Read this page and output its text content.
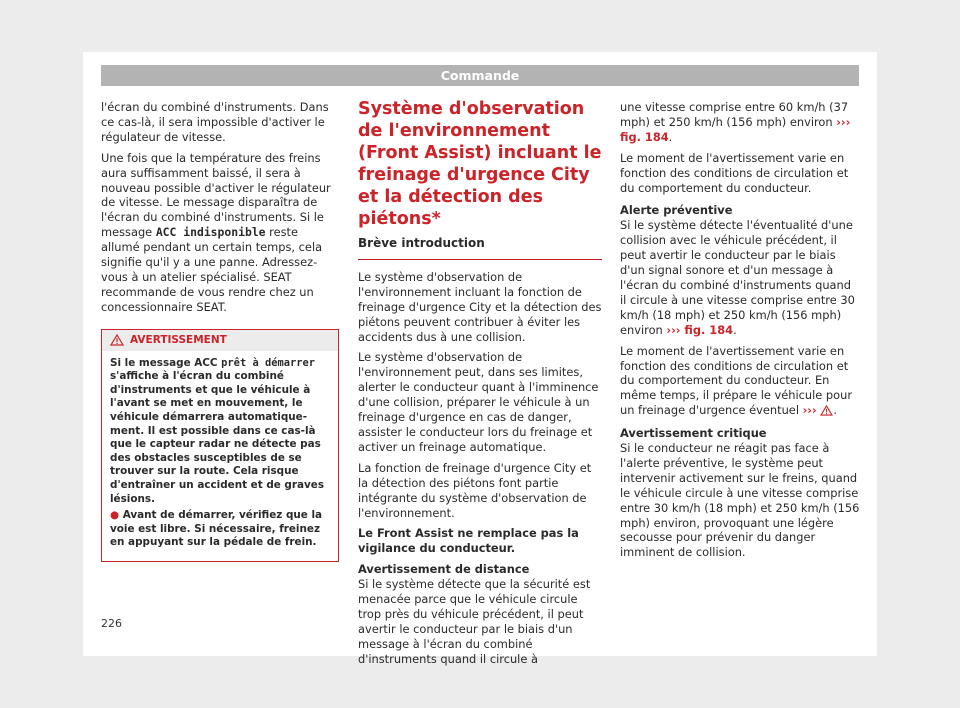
Commande

l'écran du combiné d'instruments. Dans ce cas-là, il sera impossible d'activer le régulateur de vitesse.

Une fois que la température des freins aura suffisamment baissé, il sera à nouveau possible d'activer le régulateur de vitesse. Le message disparaîtra de l'écran du combiné d'instruments. Si le message ACC indisponible reste allumé pendant un certain temps, cela signifie qu'il y a une panne. Adressez-vous à un atelier spécialisé. SEAT recommande de vous rendre chez un concessionnaire SEAT.

AVERTISSEMENT

Si le message ACC prêt à démarrer s'affiche à l'écran du combiné d'instruments et que le véhicule à l'avant se met en mouvement, le véhicule démarrera automatiquement. Il est possible dans ce cas-là que le capteur radar ne détecte pas des obstacles susceptibles de se trouver sur la route. Cela risque d'entraîner un accident et de graves lésions.

● Avant de démarrer, vérifiez que la voie est libre. Si nécessaire, freinez en appuyant sur la pédale de frein.

226
Système d'observation de l'environnement (Front Assist) incluant le freinage d'urgence City et la détection des piétons*
Brève introduction

Le système d'observation de l'environnement incluant la fonction de freinage d'urgence City et la détection des piétons peuvent contribuer à éviter les accidents dus à une collision.

Le système d'observation de l'environnement peut, dans ses limites, alerter le conducteur quant à l'imminence d'une collision, préparer le véhicule à un freinage d'urgence en cas de danger, assister le conducteur lors du freinage et activer un freinage automatique.

La fonction de freinage d'urgence City et la détection des piétons font partie intégrante du système d'observation de l'environnement.

Le Front Assist ne remplace pas la vigilance du conducteur.

Avertissement de distance

Si le système détecte que la sécurité est menacée parce que le véhicule circule trop près du véhicule précédent, il peut avertir le conducteur par le biais d'un message à l'écran du combiné d'instruments quand il circule à

une vitesse comprise entre 60 km/h (37 mph) et 250 km/h (156 mph) environ ››› fig. 184.

Le moment de l'avertissement varie en fonction des conditions de circulation et du comportement du conducteur.

Alerte préventive

Si le système détecte l'éventualité d'une collision avec le véhicule précédent, il peut avertir le conducteur par le biais d'un signal sonore et d'un message à l'écran du combiné d'instruments quand il circule à une vitesse comprise entre 30 km/h (18 mph) et 250 km/h (156 mph) environ ››› fig. 184.

Le moment de l'avertissement varie en fonction des conditions de circulation et du comportement du conducteur. En même temps, il prépare le véhicule pour un freinage d'urgence éventuel ››› .

Avertissement critique

Si le conducteur ne réagit pas face à l'alerte préventive, le système peut intervenir activement sur le freins, quand le véhicule circule à une vitesse comprise entre 30 km/h (18 mph) et 250 km/h (156 mph) environ, provoquant une légère secousse pour prévenir du danger imminent de collision.
